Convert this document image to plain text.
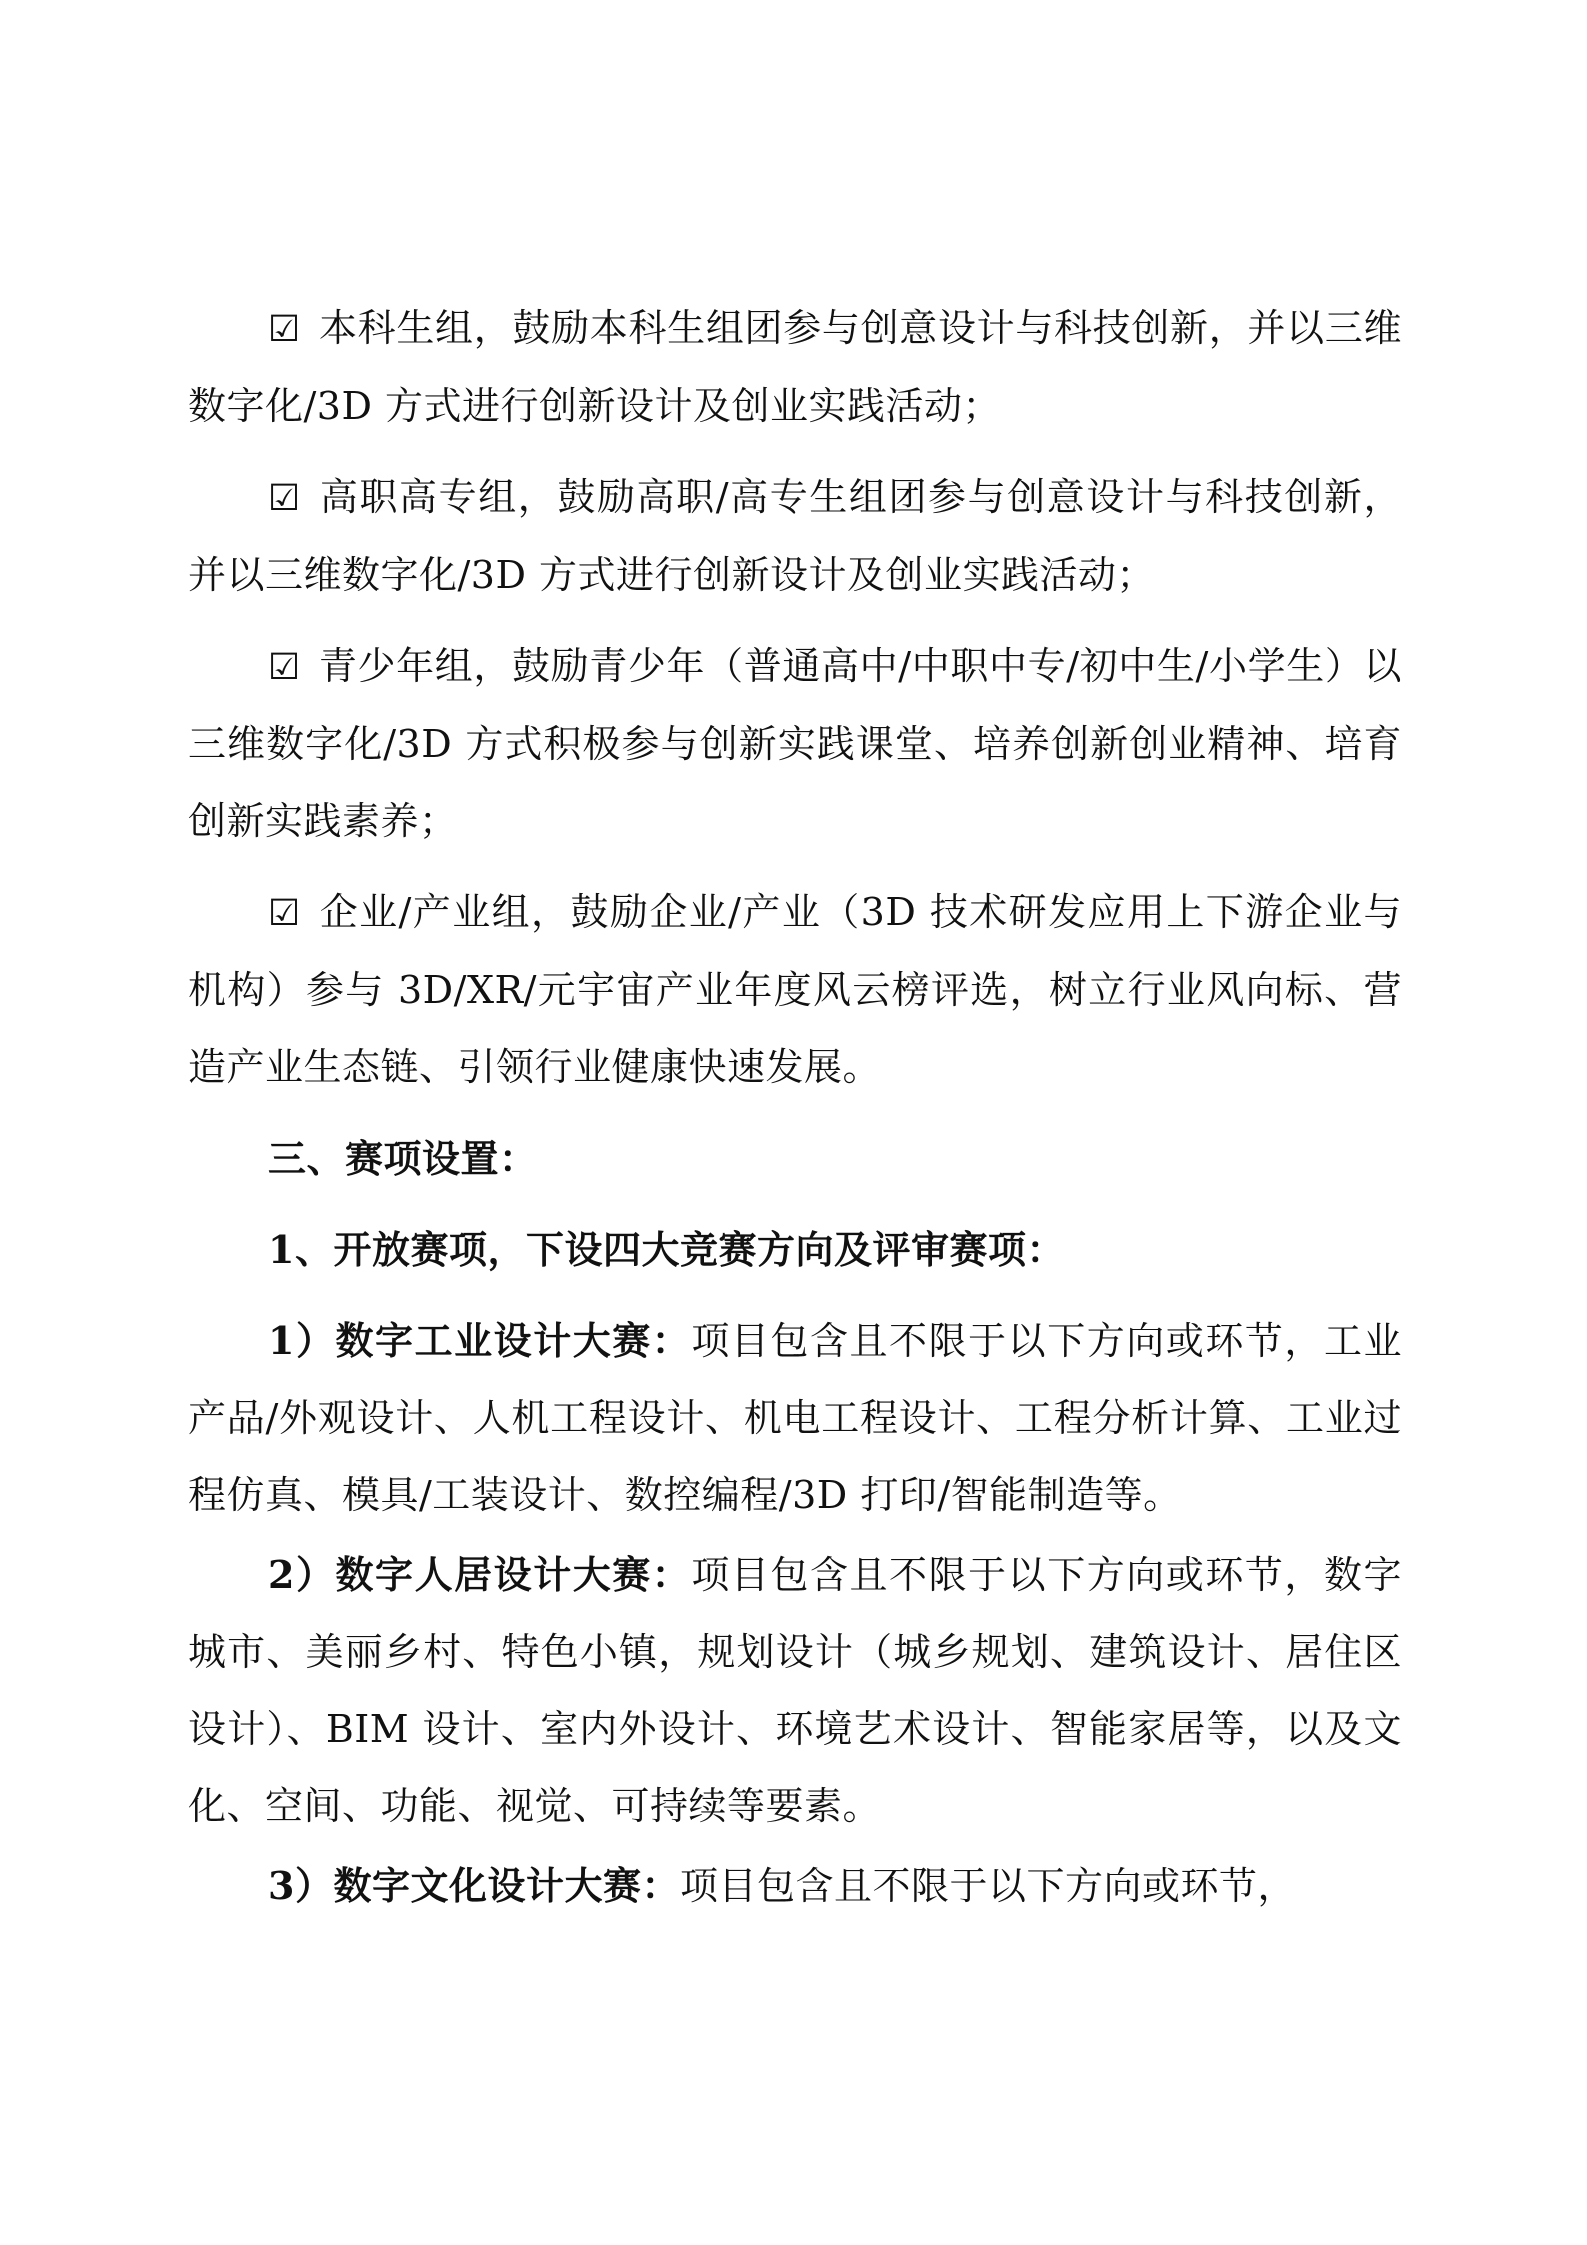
☑ 本科生组，鼓励本科生组团参与创意设计与科技创新，并以三维数字化/3D 方式进行创新设计及创业实践活动；

☑ 高职高专组，鼓励高职/高专生组团参与创意设计与科技创新，并以三维数字化/3D 方式进行创新设计及创业实践活动；

☑ 青少年组，鼓励青少年（普通高中/中职中专/初中生/小学生）以三维数字化/3D 方式积极参与创新实践课堂、培养创新创业精神、培育创新实践素养；

☑ 企业/产业组，鼓励企业/产业（3D 技术研发应用上下游企业与机构）参与 3D/XR/元宇宙产业年度风云榜评选，树立行业风向标、营造产业生态链、引领行业健康快速发展。

三、赛项设置：

1、开放赛项，下设四大竞赛方向及评审赛项：

1）数字工业设计大赛：项目包含且不限于以下方向或环节，工业产品/外观设计、人机工程设计、机电工程设计、工程分析计算、工业过程仿真、模具/工装设计、数控编程/3D 打印/智能制造等。

2）数字人居设计大赛：项目包含且不限于以下方向或环节，数字城市、美丽乡村、特色小镇，规划设计（城乡规划、建筑设计、居住区设计）、BIM 设计、室内外设计、环境艺术设计、智能家居等，以及文化、空间、功能、视觉、可持续等要素。

3）数字文化设计大赛：项目包含且不限于以下方向或环节，
